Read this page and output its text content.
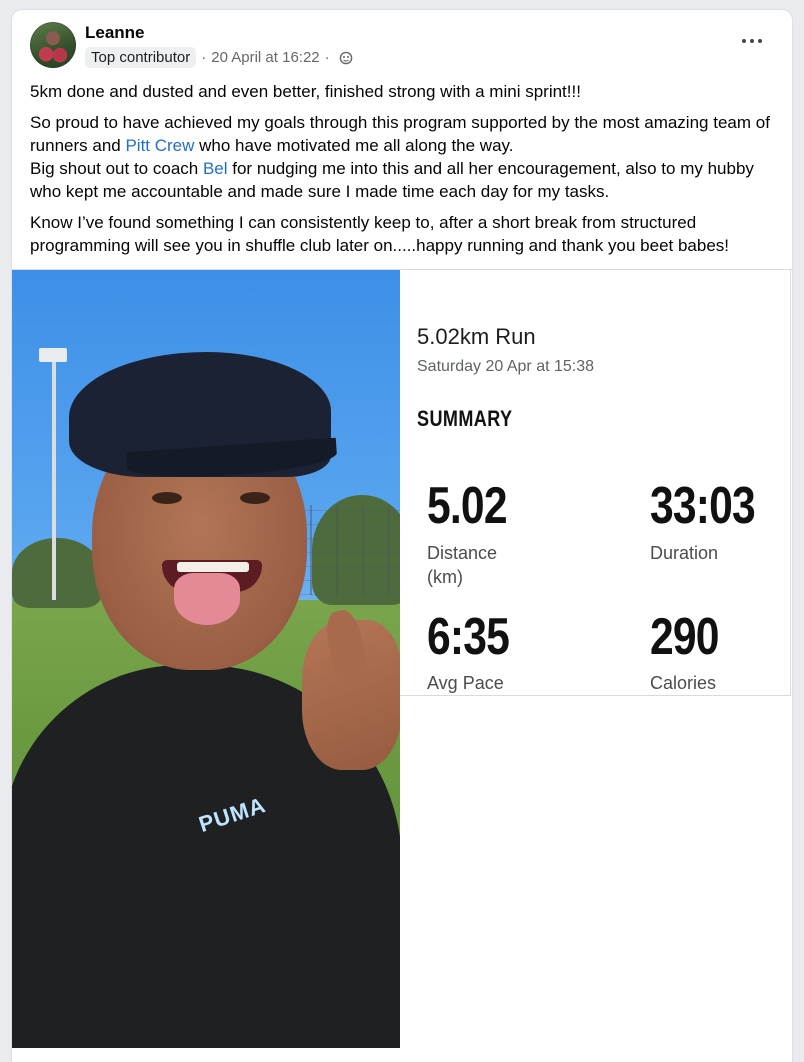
Leanne
Top contributor · 20 April at 16:22 ·

5km done and dusted and even better, finished strong with a mini sprint!!!

So proud to have achieved my goals through this program supported by the most amazing team of runners and Pitt Crew who have motivated me all along the way.
Big shout out to coach Bel for nudging me into this and all her encouragement, also to my hubby who kept me accountable and made sure I made time each day for my tasks.

Know I’ve found something I can consistently keep to, after a short break from structured programming will see you in shuffle club later on.....happy running and thank you beet babes!

PUMA
5.02km Run
Saturday 20 Apr at 15:38
SUMMARY
5.02
Distance (km)
33:03
Duration
6:35
Avg Pace
290
Calories
